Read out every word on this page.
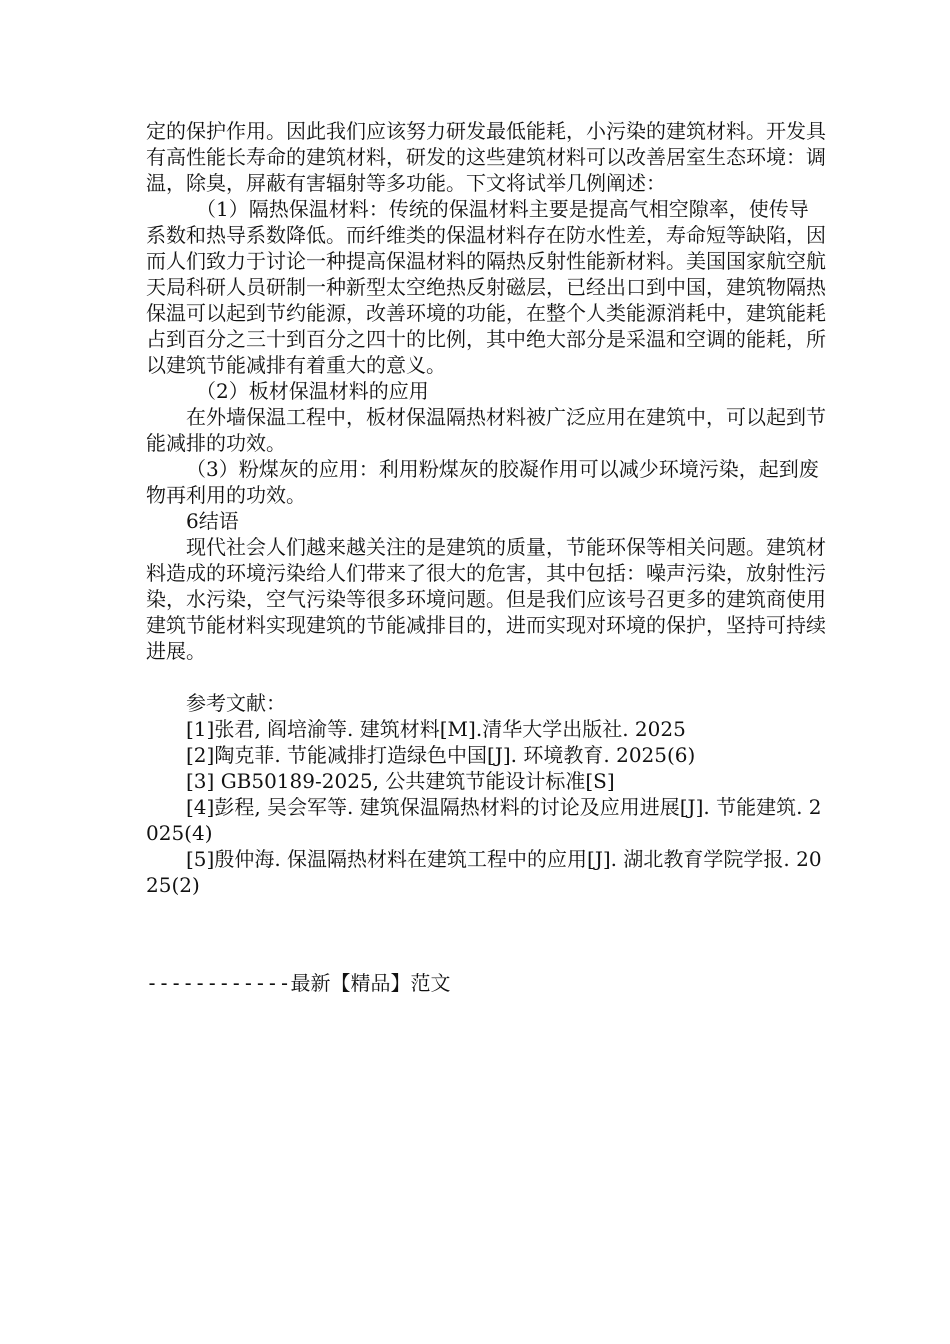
定的保护作用。因此我们应该努力研发最低能耗，小污染的建筑材料。开发具有高性能长寿命的建筑材料，研发的这些建筑材料可以改善居室生态环境：调温，除臭，屏蔽有害辐射等多功能。下文将试举几例阐述：

（1）隔热保温材料：传统的保温材料主要是提高气相空隙率，使传导系数和热导系数降低。而纤维类的保温材料存在防水性差，寿命短等缺陷，因而人们致力于讨论一种提高保温材料的隔热反射性能新材料。美国国家航空航天局科研人员研制一种新型太空绝热反射磁层，已经出口到中国，建筑物隔热保温可以起到节约能源，改善环境的功能，在整个人类能源消耗中，建筑能耗占到百分之三十到百分之四十的比例，其中绝大部分是采温和空调的能耗，所以建筑节能减排有着重大的意义。

（2）板材保温材料的应用

在外墙保温工程中，板材保温隔热材料被广泛应用在建筑中，可以起到节能减排的功效。

（3）粉煤灰的应用：利用粉煤灰的胶凝作用可以减少环境污染，起到废物再利用的功效。

6结语

现代社会人们越来越关注的是建筑的质量，节能环保等相关问题。建筑材料造成的环境污染给人们带来了很大的危害，其中包括：噪声污染，放射性污染，水污染，空气污染等很多环境问题。但是我们应该号召更多的建筑商使用建筑节能材料实现建筑的节能减排目的，进而实现对环境的保护，坚持可持续进展。

参考文献：

[1]张君, 阎培渝等. 建筑材料[M].清华大学出版社. 2025

[2]陶克菲. 节能减排打造绿色中国[J]. 环境教育. 2025(6)

[3] GB50189-2025, 公共建筑节能设计标准[S]

[4]彭程, 吴会军等. 建筑保温隔热材料的讨论及应用进展[J]. 节能建筑. 2025(4)

[5]殷仲海. 保温隔热材料在建筑工程中的应用[J]. 湖北教育学院学报. 2025(2)

------------最新【精品】范文
